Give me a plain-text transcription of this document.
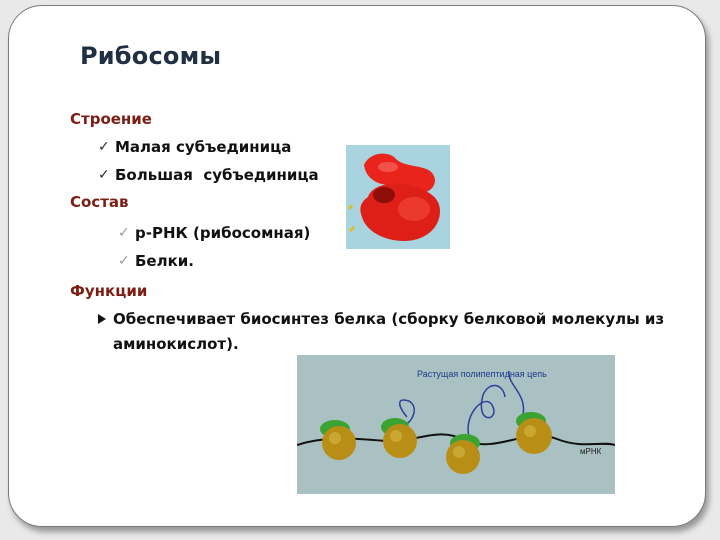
Рибосомы
Строение
✓ Малая субъединица
✓ Большая  субъединица
Состав
✓ р-РНК (рибосомная)
✓ Белки.
Функции
Обеспечивает биосинтез белка (сборку белковой молекулы из
аминокислот).
Растущая полипептидная цепь
мРНК
